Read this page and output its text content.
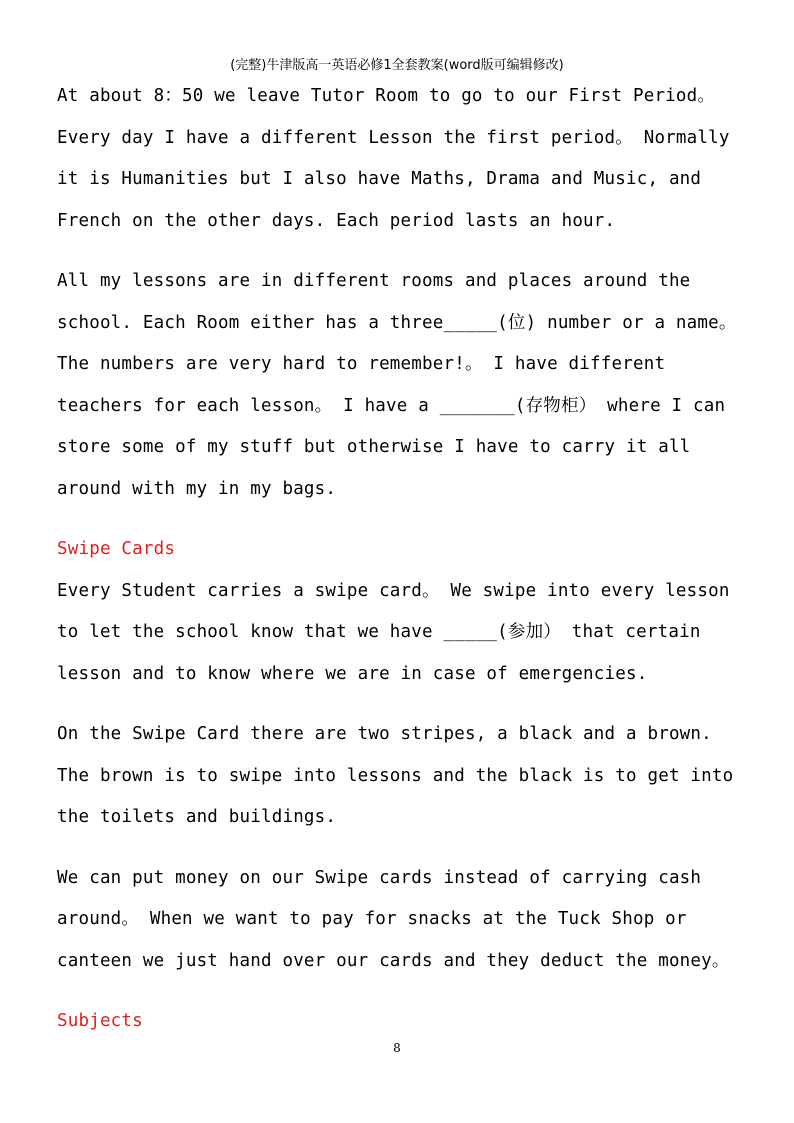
(完整)牛津版高一英语必修1全套教案(word版可编辑修改)
At about 8：50 we leave Tutor Room to go to our First Period。
Every day I have a different Lesson the first period。 Normally
it is Humanities but I also have Maths, Drama and Music, and
French on the other days. Each period lasts an hour.
All my lessons are in different rooms and places around the
school. Each Room either has a three_____(位) number or a name。
The numbers are very hard to remember!。 I have different
teachers for each lesson。 I have a _______(存物柜） where I can
store some of my stuff but otherwise I have to carry it all
around with my in my bags.
Swipe Cards
Every Student carries a swipe card。 We swipe into every lesson
to let the school know that we have _____(参加） that certain
lesson and to know where we are in case of emergencies.
On the Swipe Card there are two stripes, a black and a brown.
The brown is to swipe into lessons and the black is to get into
the toilets and buildings.
We can put money on our Swipe cards instead of carrying cash
around。 When we want to pay for snacks at the Tuck Shop or
canteen we just hand over our cards and they deduct the money。
Subjects
8
